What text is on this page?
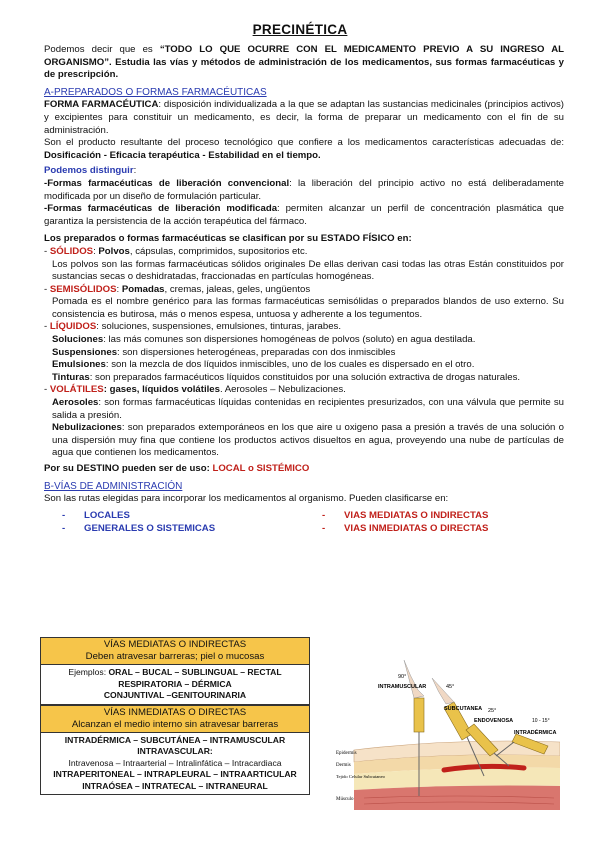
PRECINÉTICA

Podemos decir que es “TODO LO QUE OCURRE CON EL MEDICAMENTO PREVIO A SU INGRESO AL ORGANISMO”. Estudia las vías y métodos de administración de los medicamentos, sus formas farmacéuticas y de prescripción.

A-PREPARADOS O FORMAS FARMACÉUTICAS

FORMA FARMACÉUTICA: disposición individualizada a la que se adaptan las sustancias medicinales (principios activos) y excipientes para constituir un medicamento, es decir, la forma de preparar un medicamento con el fin de su administración.

Son el producto resultante del proceso tecnológico que confiere a los medicamentos características adecuadas de: Dosificación - Eficacia terapéutica - Estabilidad en el tiempo.

Podemos distinguir:

-Formas farmacéuticas de liberación convencional: la liberación del principio activo no está deliberadamente modificada por un diseño de formulación particular.

-Formas farmacéuticas de liberación modificada: permiten alcanzar un perfil de concentración plasmática que garantiza la persistencia de la acción terapéutica del fármaco.

Los preparados o formas farmacéuticas se clasifican por su ESTADO FÍSICO en:

- SÓLIDOS: Polvos, cápsulas, comprimidos, supositorios etc.

Los polvos son las formas farmacéuticas sólidos originales De ellas derivan casi todas las otras Están constituidos por sustancias secas o deshidratadas, fraccionadas en partículas homogéneas.

- SEMISÓLIDOS: Pomadas, cremas, jaleas, geles, ungüentos

Pomada es el nombre genérico para las formas farmacéuticas semisólidas o preparados blandos de uso externo. Su consistencia es butirosa, más o menos espesa, untuosa y adherente a los tegumentos.

- LÍQUIDOS: soluciones, suspensiones, emulsiones, tinturas, jarabes.

Soluciones: las más comunes son dispersiones homogéneas de polvos (soluto) en agua destilada.

Suspensiones: son dispersiones heterogéneas, preparadas con dos inmiscibles

Emulsiones: son la mezcla de dos líquidos inmiscibles, uno de los cuales es dispersado en el otro.

Tinturas: son preparados farmacéuticos líquidos constituidos por una solución extractiva de drogas naturales.

- VOLÁTILES: gases, líquidos volátiles. Aerosoles – Nebulizaciones.

Aerosoles: son formas farmacéuticas líquidas contenidas en recipientes presurizados, con una válvula que permite su salida a presión.

Nebulizaciones: son preparados extemporáneos en los que aire u oxigeno pasa a presión a través de una solución o una dispersión muy fina que contiene los productos activos disueltos en agua, proveyendo una nube de partículas de agua que contienen los medicamentos.

Por su DESTINO pueden ser de uso: LOCAL o SISTÉMICO

B-VÍAS DE ADMINISTRACIÓN

Son las rutas elegidas para incorporar los medicamentos al organismo. Pueden clasificarse en:

- LOCALES
- GENERALES O SISTEMICAS
- VIAS MEDIATAS O INDIRECTAS
- VIAS INMEDIATAS O DIRECTAS
VÍAS MEDIATAS O INDIRECTAS
Deben atravesar barreras; piel o mucosas
Ejemplos: ORAL – BUCAL – SUBLINGUAL – RECTAL
RESPIRATORIA – DÉRMICA
CONJUNTIVAL –GENITOURINARIA
VÍAS INMEDIATAS O DIRECTAS
Alcanzan el medio interno sin atravesar barreras
INTRADÉRMICA – SUBCUTÁNEA – INTRAMUSCULAR
INTRAVASCULAR:
Intravenosa – Intraarterial – Intralinfática – Intracardiaca
INTRAPERITONEAL – INTRAPLEURAL – INTRAARTICULAR
INTRAÓSEA – INTRATECAL – INTRANEURAL
90°
INTRAMUSCULAR	45°
SUBCUTANEA 25°
ENDOVENOSA	10 - 15°
INTRADÉRMICA
Epidermis
Dermis
Tejido Celular Subcutaneo
Músculo
